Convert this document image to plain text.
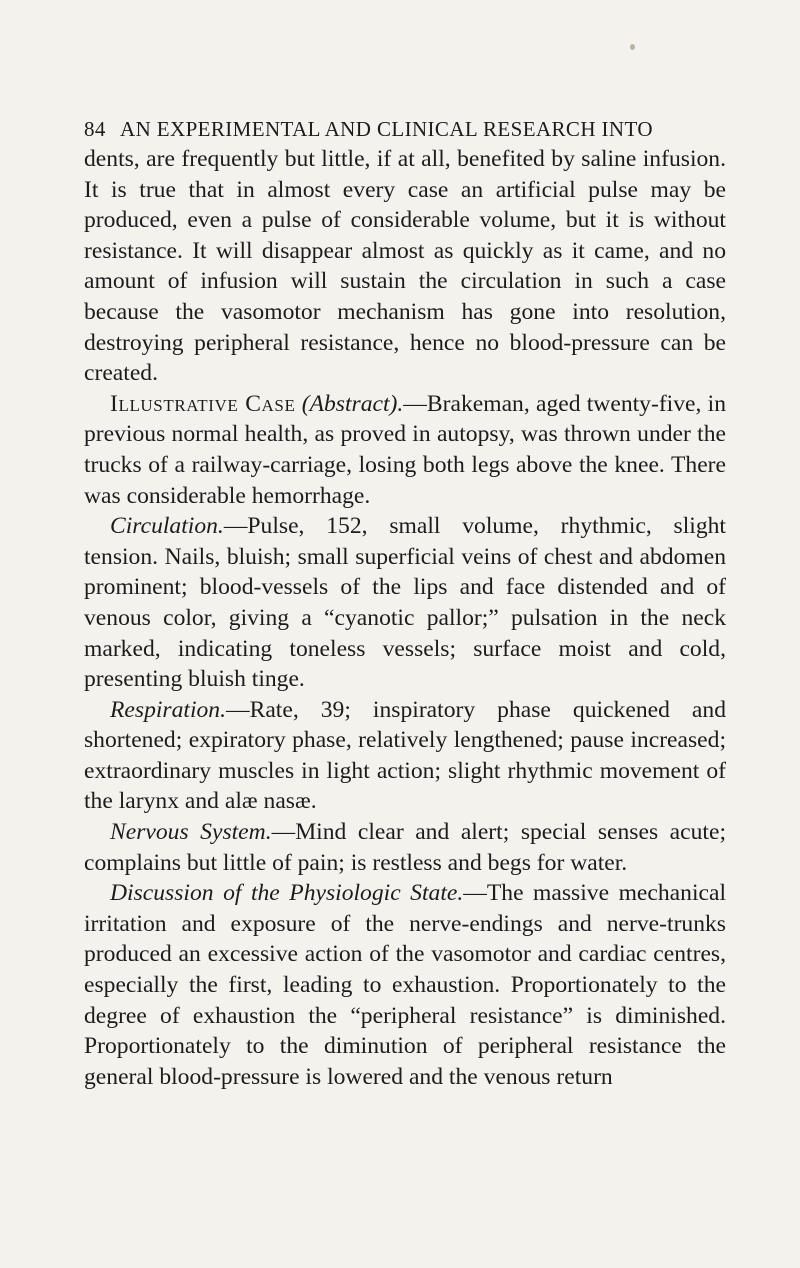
84 AN EXPERIMENTAL AND CLINICAL RESEARCH INTO

dents, are frequently but little, if at all, benefited by saline infusion. It is true that in almost every case an artificial pulse may be produced, even a pulse of considerable volume, but it is without resistance. It will disappear almost as quickly as it came, and no amount of infusion will sustain the circulation in such a case because the vasomotor mechanism has gone into resolution, destroying peripheral resistance, hence no blood-pressure can be created.

Illustrative Case (Abstract).—Brakeman, aged twenty-five, in previous normal health, as proved in autopsy, was thrown under the trucks of a railway-carriage, losing both legs above the knee. There was considerable hemorrhage.

Circulation.—Pulse, 152, small volume, rhythmic, slight tension. Nails, bluish; small superficial veins of chest and abdomen prominent; blood-vessels of the lips and face distended and of venous color, giving a “cyanotic pallor;” pulsation in the neck marked, indicating toneless vessels; surface moist and cold, presenting bluish tinge.

Respiration.—Rate, 39; inspiratory phase quickened and shortened; expiratory phase, relatively lengthened; pause increased; extraordinary muscles in light action; slight rhythmic movement of the larynx and alæ nasæ.

Nervous System.—Mind clear and alert; special senses acute; complains but little of pain; is restless and begs for water.

Discussion of the Physiologic State.—The massive mechanical irritation and exposure of the nerve-endings and nerve-trunks produced an excessive action of the vasomotor and cardiac centres, especially the first, leading to exhaustion. Proportionately to the degree of exhaustion the “peripheral resistance” is diminished. Proportionately to the diminution of peripheral resistance the general blood-pressure is lowered and the venous return
